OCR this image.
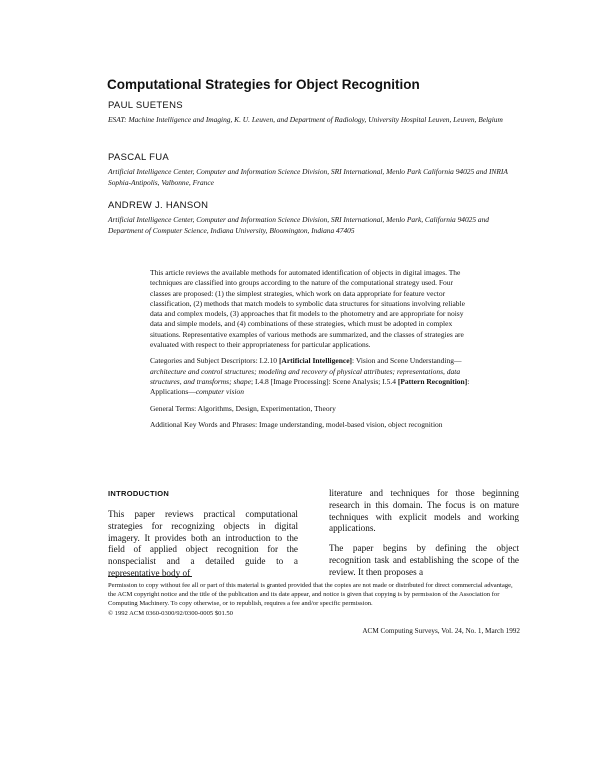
Computational Strategies for Object Recognition
PAUL SUETENS
ESAT: Machine Intelligence and Imaging, K. U. Leuven, and Department of Radiology, University Hospital Leuven, Leuven, Belgium
PASCAL FUA
Artificial Intelligence Center, Computer and Information Science Division, SRI International, Menlo Park California 94025 and INRIA Sophia-Antipolis, Valbonne, France
ANDREW J. HANSON
Artificial Intelligence Center, Computer and Information Science Division, SRI International, Menlo Park, California 94025 and Department of Computer Science, Indiana University, Bloomington, Indiana 47405

This article reviews the available methods for automated identification of objects in digital images. The techniques are classified into groups according to the nature of the computational strategy used. Four classes are proposed: (1) the simplest strategies, which work on data appropriate for feature vector classification, (2) methods that match models to symbolic data structures for situations involving reliable data and complex models, (3) approaches that fit models to the photometry and are appropriate for noisy data and simple models, and (4) combinations of these strategies, which must be adopted in complex situations. Representative examples of various methods are summarized, and the classes of strategies are evaluated with respect to their appropriateness for particular applications.

Categories and Subject Descriptors: I.2.10 [Artificial Intelligence]: Vision and Scene Understanding—architecture and control structures; modeling and recovery of physical attributes; representations, data structures, and transforms; shape; I.4.8 [Image Processing]: Scene Analysis; I.5.4 [Pattern Recognition]: Applications—computer vision

General Terms: Algorithms, Design, Experimentation, Theory

Additional Key Words and Phrases: Image understanding, model-based vision, object recognition

INTRODUCTION

This paper reviews practical computational strategies for recognizing objects in digital imagery. It provides both an introduction to the field of applied object recognition for the nonspecialist and a detailed guide to a representative body of

literature and techniques for those beginning research in this domain. The focus is on mature techniques with explicit models and working applications.

The paper begins by defining the object recognition task and establishing the scope of the review. It then proposes a

Permission to copy without fee all or part of this material is granted provided that the copies are not made or distributed for direct commercial advantage, the ACM copyright notice and the title of the publication and its date appear, and notice is given that copying is by permission of the Association for Computing Machinery. To copy otherwise, or to republish, requires a fee and/or specific permission.

© 1992 ACM 0360-0300/92/0300-0005 $01.50

ACM Computing Surveys, Vol. 24, No. 1, March 1992
